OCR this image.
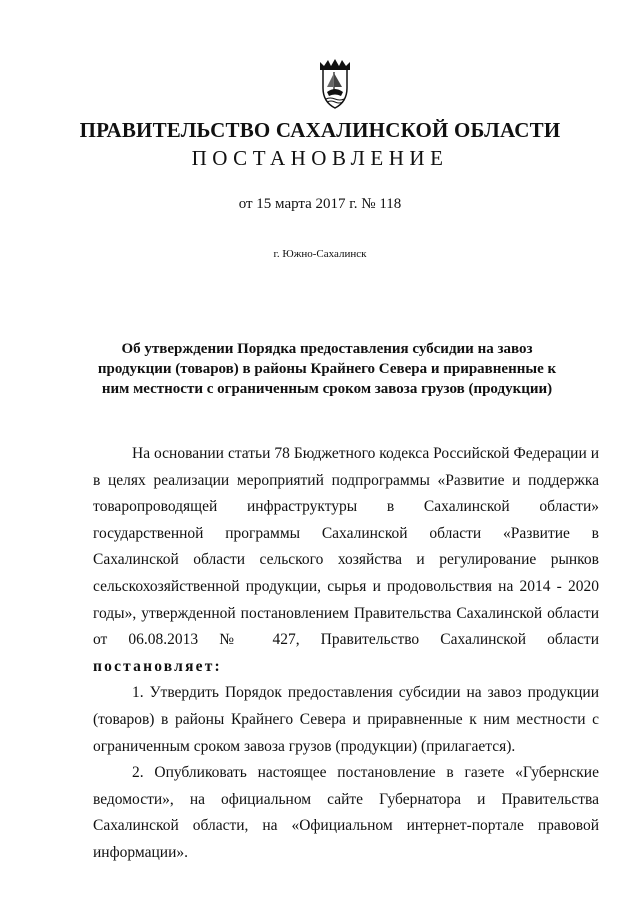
ПРАВИТЕЛЬСТВО САХАЛИНСКОЙ ОБЛАСТИ
ПОСТАНОВЛЕНИЕ
от 15 марта 2017 г. № 118
г. Южно-Сахалинск
Об утверждении Порядка предоставления субсидии на завоз продукции (товаров) в районы Крайнего Севера и приравненные к ним местности с ограниченным сроком завоза грузов (продукции)

На основании статьи 78 Бюджетного кодекса Российской Федерации и в целях реализации мероприятий подпрограммы «Развитие и поддержка товаропроводящей инфраструктуры в Сахалинской области» государственной программы Сахалинской области «Развитие в Сахалинской области сельского хозяйства и регулирование рынков сельскохозяйственной продукции, сырья и продовольствия на 2014 - 2020 годы», утвержденной постановлением Правительства Сахалинской области от 06.08.2013 № 427, Правительство Сахалинской области постановляет:

1. Утвердить Порядок предоставления субсидии на завоз продукции (товаров) в районы Крайнего Севера и приравненные к ним местности с ограниченным сроком завоза грузов (продукции) (прилагается).

2. Опубликовать настоящее постановление в газете «Губернские ведомости», на официальном сайте Губернатора и Правительства Сахалинской области, на «Официальном интернет-портале правовой информации».
